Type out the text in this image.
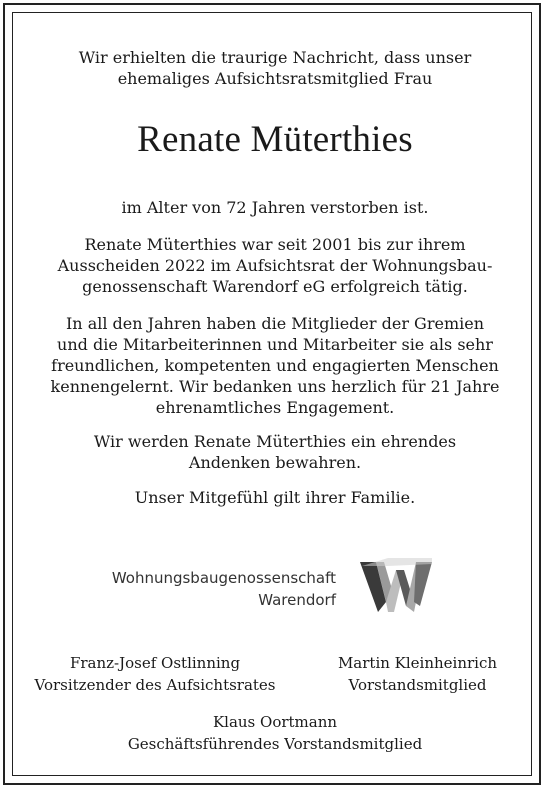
Wir erhielten die traurige Nachricht, dass unser
ehemaliges Aufsichtsratsmitglied Frau
Renate Müterthies
im Alter von 72 Jahren verstorben ist.
Renate Müterthies war seit 2001 bis zur ihrem
Ausscheiden 2022 im Aufsichtsrat der Wohnungsbau-
genossenschaft Warendorf eG erfolgreich tätig.
In all den Jahren haben die Mitglieder der Gremien
und die Mitarbeiterinnen und Mitarbeiter sie als sehr
freundlichen, kompetenten und engagierten Menschen
kennengelernt. Wir bedanken uns herzlich für 21 Jahre
ehrenamtliches Engagement.
Wir werden Renate Müterthies ein ehrendes
Andenken bewahren.
Unser Mitgefühl gilt ihrer Familie.
Wohnungsbaugenossenschaft
Warendorf
Franz-Josef Ostlinning
Vorsitzender des Aufsichtsrates
Martin Kleinheinrich
Vorstandsmitglied
Klaus Oortmann
Geschäftsführendes Vorstandsmitglied
